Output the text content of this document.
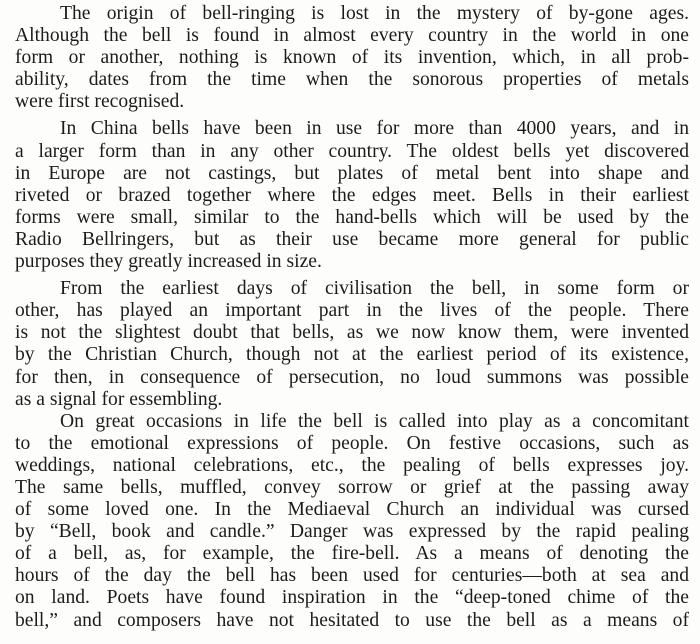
The origin of bell-ringing is lost in the mystery of by-gone ages.
Although the bell is found in almost every country in the world in one
form or another, nothing is known of its invention, which, in all prob-
ability, dates from the time when the sonorous properties of metals
were first recognised.
In China bells have been in use for more than 4000 years, and in
a larger form than in any other country. The oldest bells yet discovered
in Europe are not castings, but plates of metal bent into shape and
riveted or brazed together where the edges meet. Bells in their earliest
forms were small, similar to the hand-bells which will be used by the
Radio Bellringers, but as their use became more general for public
purposes they greatly increased in size.
From the earliest days of civilisation the bell, in some form or
other, has played an important part in the lives of the people. There
is not the slightest doubt that bells, as we now know them, were invented
by the Christian Church, though not at the earliest period of its existence,
for then, in consequence of persecution, no loud summons was possible
as a signal for essembling.
On great occasions in life the bell is called into play as a concomitant
to the emotional expressions of people. On festive occasions, such as
weddings, national celebrations, etc., the pealing of bells expresses joy.
The same bells, muffled, convey sorrow or grief at the passing away
of some loved one. In the Mediaeval Church an individual was cursed
by “Bell, book and candle.” Danger was expressed by the rapid pealing
of a bell, as, for example, the fire-bell. As a means of denoting the
hours of the day the bell has been used for centuries—both at sea and
on land. Poets have found inspiration in the “deep-toned chime of the
bell,” and composers have not hesitated to use the bell as a means of
